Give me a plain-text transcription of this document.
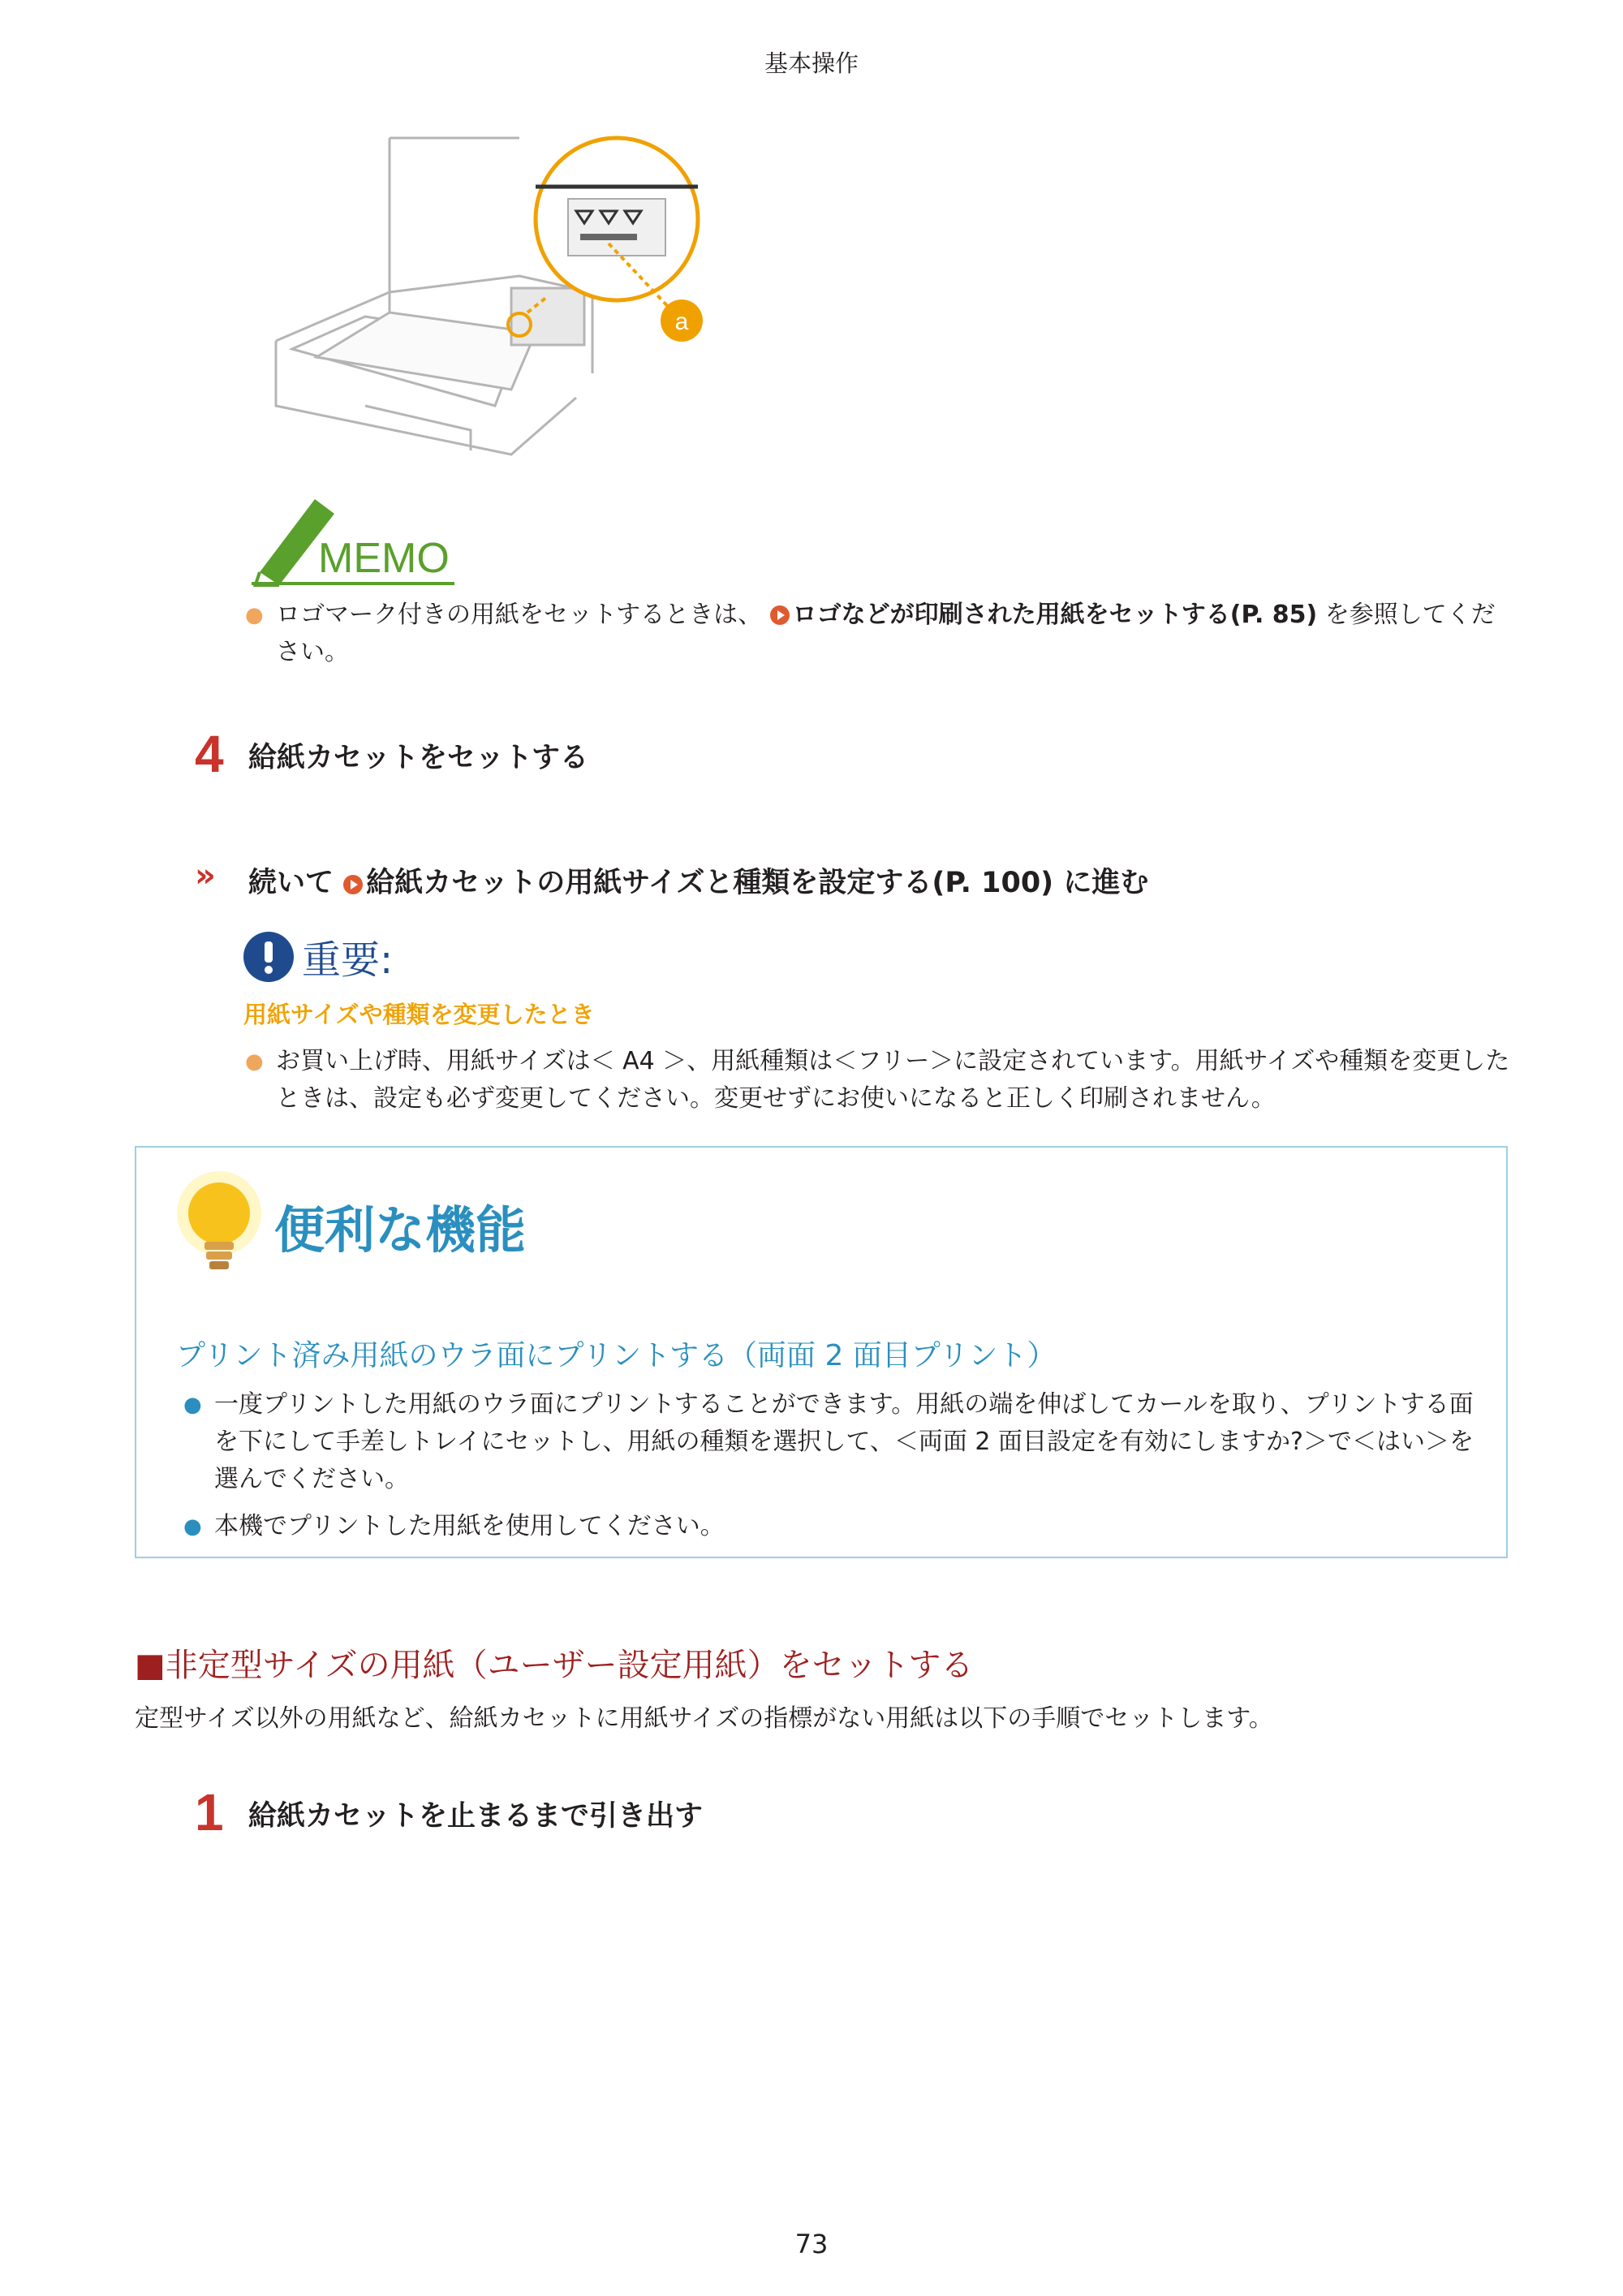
基本操作
a
MEMO
● ロゴマーク付きの用紙をセットするときは、 ロゴなどが印刷された用紙をセットする(P. 85) を参照してください。
4 給紙カセットをセットする
» 続いて 給紙カセットの用紙サイズと種類を設定する(P. 100) に進む
重要:
用紙サイズや種類を変更したとき
● お買い上げ時、用紙サイズは＜ A4 ＞、用紙種類は＜フリー＞に設定されています。用紙サイズや種類を変更したときは、設定も必ず変更してください。変更せずにお使いになると正しく印刷されません。
便利な機能
プリント済み用紙のウラ面にプリントする（両面 2 面目プリント）
● 一度プリントした用紙のウラ面にプリントすることができます。用紙の端を伸ばしてカールを取り、プリントする面を下にして手差しトレイにセットし、用紙の種類を選択して、＜両面 2 面目設定を有効にしますか?＞で＜はい＞を選んでください。
● 本機でプリントした用紙を使用してください。
■非定型サイズの用紙（ユーザー設定用紙）をセットする
定型サイズ以外の用紙など、給紙カセットに用紙サイズの指標がない用紙は以下の手順でセットします。
1 給紙カセットを止まるまで引き出す
73
